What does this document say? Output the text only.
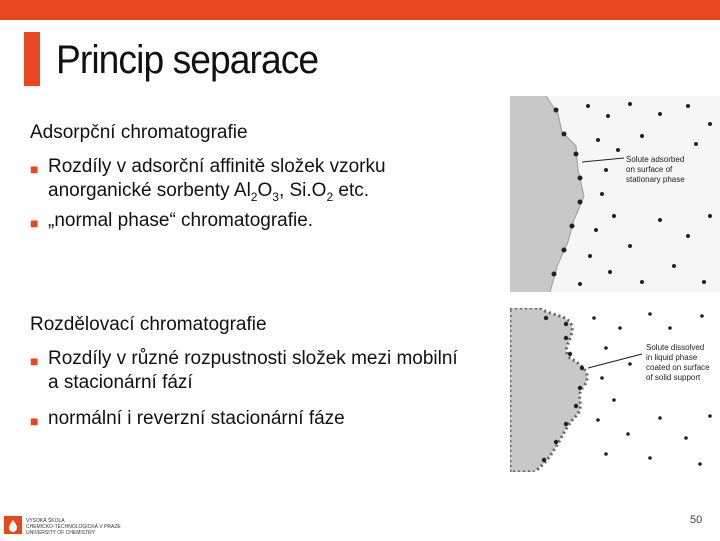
Princip separace
Adsorpční chromatografie
■ Rozdíly v adsorční affinitě složek vzorku anorganické sorbenty $Al_2O_3$, $Si.O_2$ etc.
■ „normal phase“ chromatografie.
Solute adsorbed
on surface of
stationary phase
Rozdělovací chromatografie
■ Rozdíly v různé rozpustnosti složek mezi mobilní a stacionární fází
■ normální i reverzní stacionární fáze
Solute dissolved
in liquid phase
coated on surface
of solid support
VYSOKÁ ŠKOLA
CHEMICKO-TECHNOLOGICKÁ V PRAZE
UNIVERSITY OF CHEMISTRY
50
